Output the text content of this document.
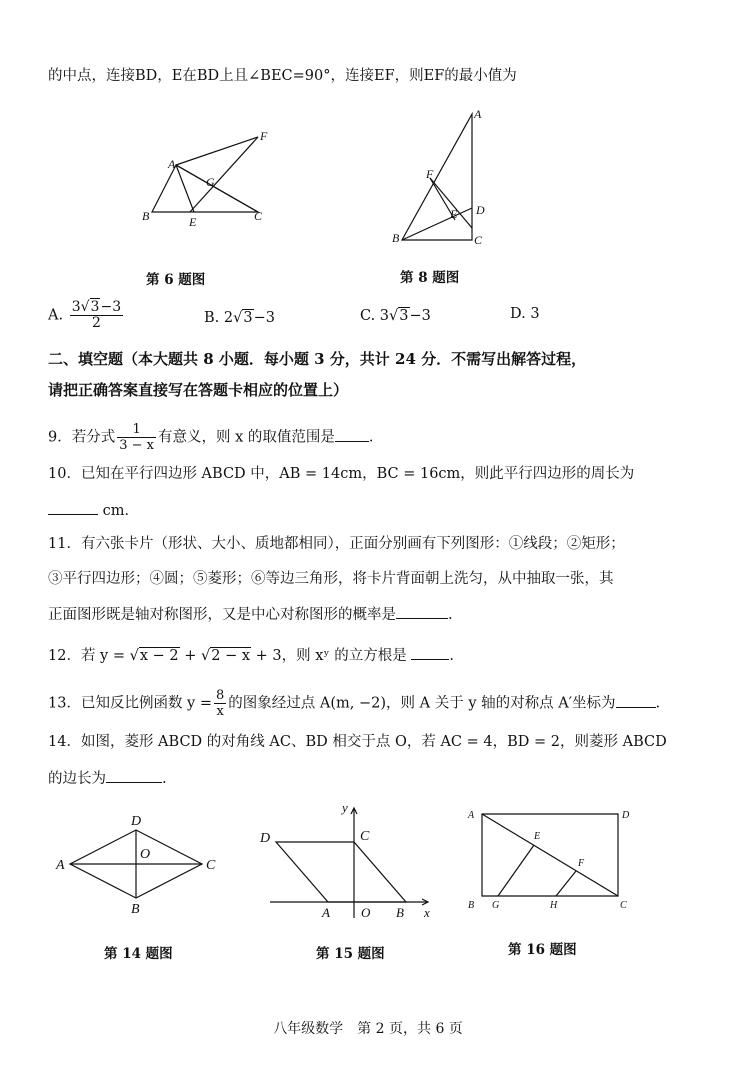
的中点，连接BD，E在BD上且∠BEC=90°，连接EF，则EF的最小值为
A
B	C
E
F
G
第 6 题图
A
F
E D
B	C
第 8 题图
A. $\frac{3√3-3}{2}$	B. 2√3−3	C. 3√3−3	D. 3
二、填空题（本大题共 8 小题．每小题 3 分，共计 24 分．不需写出解答过程，
请把正确答案直接写在答题卡相应的位置上）
9．若分式 $\frac{1}{3 - x}$ 有意义，则 x 的取值范围是 .
10．已知在平行四边形 ABCD 中，AB = 14cm，BC = 16cm，则此平行四边形的周长为
cm．
11．有六张卡片（形状、大小、质地都相同），正面分别画有下列图形：①线段；②矩形；
③平行四边形；④圆；⑤菱形；⑥等边三角形，将卡片背面朝上洗匀，从中抽取一张，其
正面图形既是轴对称图形，又是中心对称图形的概率是	.
12．若 y = √x − 2 + √2 − x + 3，则 xʸ 的立方根是	.
13．已知反比例函数 $y = \frac{8}{x}$ 的图象经过点 A(m, −2)，则 A 关于 y 轴的对称点 A′坐标为	.
14．如图，菱形 ABCD 的对角线 AC、BD 相交于点 O，若 AC = 4，BD = 2，则菱形 ABCD
的边长为	.
D
A
O
C
B
第 14 题图
y
D	C
A O B x
第 15 题图
A	D
E
F
B G	H	C
第 16 题图
八年级数学　第 2 页，共 6 页
